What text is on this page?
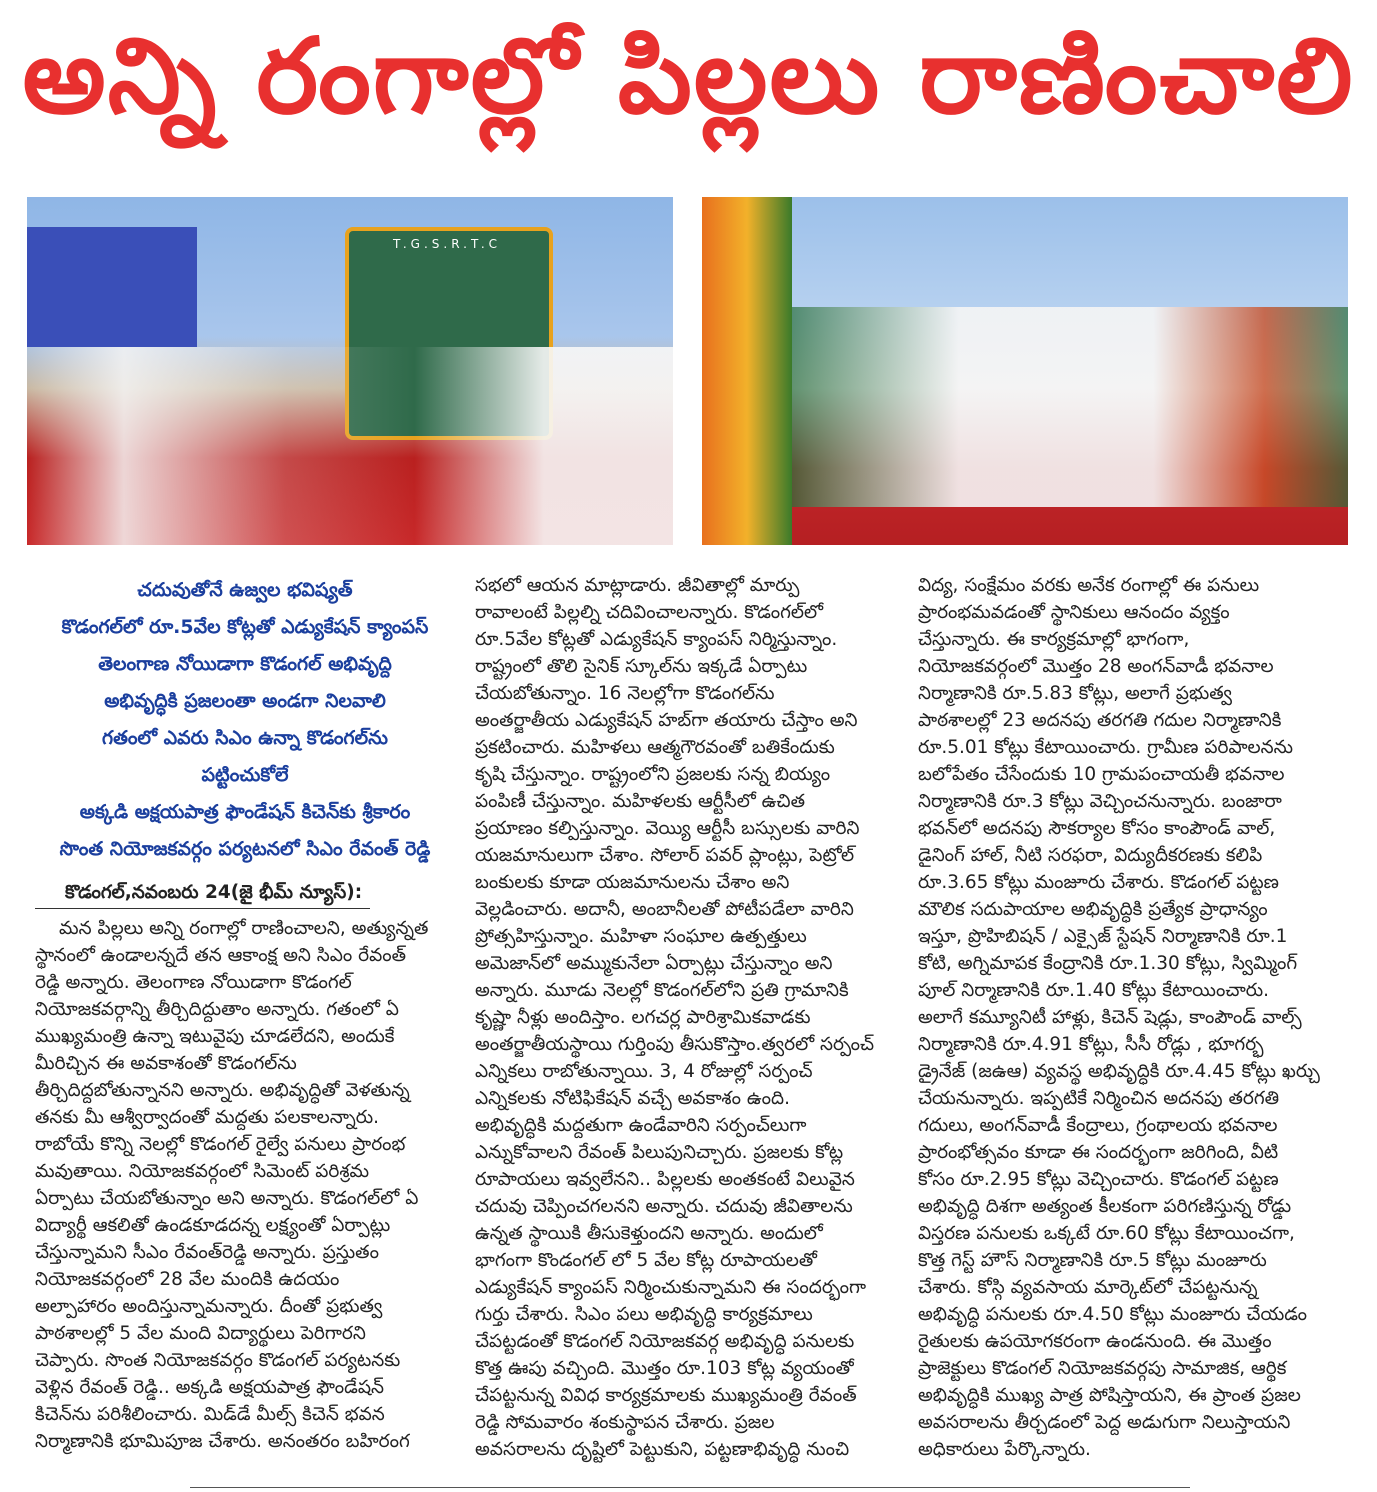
అన్ని రంగాల్లో పిల్లలు రాణించాలి
T.G.S.R.T.C
చదువుతోనే ఉజ్వల భవిష్యత్
కొడంగల్‌లో రూ.5వేల కోట్లతో ఎడ్యుకేషన్ క్యాంపస్
తెలంగాణ నోయిడాగా కొడంగల్ అభివృద్ది
అభివృద్ధికి ప్రజలంతా అండగా నిలవాలి
గతంలో ఎవరు సిఎం ఉన్నా కొడంగల్‌ను
పట్టించుకోలే
అక్కడి అక్షయపాత్ర ఫౌండేషన్ కిచెన్‌కు శ్రీకారం
సొంత నియోజకవర్గం పర్యటనలో సిఎం రేవంత్ రెడ్డి
కొడంగల్,నవంబరు 24(జై భీమ్ న్యూస్):
మన పిల్లలు అన్ని రంగాల్లో రాణించాలని, అత్యున్నత
స్థానంలో ఉండాలన్నదే తన ఆకాంక్ష అని సిఎం రేవంత్
రెడ్డి అన్నారు. తెలంగాణ నోయిడాగా కొడంగల్
నియోజకవర్గాన్ని తీర్చిదిద్దుతాం అన్నారు. గతంలో ఏ
ముఖ్యమంత్రి ఉన్నా ఇటువైపు చూడలేదని, అందుకే
మీరిచ్చిన ఈ అవకాశంతో కొడంగల్‌ను
తీర్చిదిద్దబోతున్నానని అన్నారు. అభివృద్ధితో వెళతున్న
తనకు మీ ఆశ్వీర్వాదంతో మద్దతు పలకాలన్నారు.
రాబోయే కొన్ని నెలల్లో కొడంగల్ రైల్వే పనులు ప్రారంభ
మవుతాయి. నియోజకవర్గంలో సిమెంట్ పరిశ్రమ
ఏర్పాటు చేయబోతున్నాం అని అన్నారు. కొడంగల్‌లో ఏ
విద్యార్థీ ఆకలితో ఉండకూడదన్న లక్ష్యంతో ఏర్పాట్లు
చేస్తున్నామని సీఎం రేవంత్‌రెడ్డి అన్నారు. ప్రస్తుతం
నియోజకవర్గంలో 28 వేల మందికి ఉదయం
అల్పాహారం అందిస్తున్నామన్నారు. దీంతో ప్రభుత్వ
పాఠశాలల్లో 5 వేల మంది విద్యార్థులు పెరిగారని
చెప్పారు. సొంత నియోజకవర్గం కొడంగల్ పర్యటనకు
వెళ్లిన రేవంత్ రెడ్డి.. అక్కడి అక్షయపాత్ర ఫౌండేషన్
కిచెన్‌ను పరిశీలించారు. మిడ్‌డే మీల్స్ కిచెన్ భవన
నిర్మాణానికి భూమిపూజ చేశారు. అనంతరం బహిరంగ
సభలో ఆయన మాట్లాడారు. జీవితాల్లో మార్పు
రావాలంటే పిల్లల్ని చదివించాలన్నారు. కొడంగల్‌లో
రూ.5వేల కోట్లతో ఎడ్యుకేషన్ క్యాంపస్ నిర్మిస్తున్నాం.
రాష్ట్రంలో తొలి సైనిక్ స్కూల్‌ను ఇక్కడే ఏర్పాటు
చేయబోతున్నాం. 16 నెలల్లోగా కొడంగల్‌ను
అంతర్జాతీయ ఎడ్యుకేషన్ హబ్‌గా తయారు చేస్తాం అని
ప్రకటించారు. మహిళలు ఆత్మగౌరవంతో బతికేందుకు
కృషి చేస్తున్నాం. రాష్ట్రంలోని ప్రజలకు సన్న బియ్యం
పంపిణీ చేస్తున్నాం. మహిళలకు ఆర్టీసీలో ఉచిత
ప్రయాణం కల్పిస్తున్నాం. వెయ్యి ఆర్టీసీ బస్సులకు వారిని
యజమానులుగా చేశాం. సోలార్ పవర్ ప్లాంట్లు, పెట్రోల్
బంకులకు కూడా యజమానులను చేశాం అని
వెల్లడించారు. అదానీ, అంబానీలతో పోటీపడేలా వారిని
ప్రోత్సహిస్తున్నాం. మహిళా సంఘాల ఉత్పత్తులు
అమెజాన్‌లో అమ్ముకునేలా ఏర్పాట్లు చేస్తున్నాం అని
అన్నారు. మూడు నెలల్లో కొడంగల్‌లోని ప్రతి గ్రామానికి
కృష్ణా నీళ్లు అందిస్తాం. లగచర్ల పారిశ్రామికవాడకు
అంతర్జాతీయస్థాయి గుర్తింపు తీసుకొస్తాం.త్వరలో సర్పంచ్
ఎన్నికలు రాబోతున్నాయి. 3, 4 రోజుల్లో సర్పంచ్
ఎన్నికలకు నోటిఫికేషన్ వచ్చే అవకాశం ఉంది.
అభివృద్ధికి మద్దతుగా ఉండేవారిని సర్పంచ్‌లుగా
ఎన్నుకోవాలని రేవంత్ పిలుపునిచ్చారు. ప్రజలకు కోట్ల
రూపాయలు ఇవ్వలేనని.. పిల్లలకు అంతకంటే విలువైన
చదువు చెప్పించగలనని అన్నారు. చదువు జీవితాలను
ఉన్నత స్థాయికి తీసుకెళ్తుందని అన్నారు. అందులో
భాగంగా కొండంగల్ లో 5 వేల కోట్ల రూపాయలతో
ఎడ్యుకేషన్ క్యాంపస్ నిర్మించుకున్నామని ఈ సందర్భంగా
గుర్తు చేశారు. సిఎం పలు అభివృద్ధి కార్యక్రమాలు
చేపట్టడంతో కొడంగల్ నియోజకవర్గ అభివృద్ధి పనులకు
కొత్త ఊపు వచ్చింది. మొత్తం రూ.103 కోట్ల వ్యయంతో
చేపట్టనున్న వివిధ కార్యక్రమాలకు ముఖ్యమంత్రి రేవంత్
రెడ్డి సోమవారం శంకుస్థాపన చేశారు. ప్రజల
అవసరాలను దృష్టిలో పెట్టుకుని, పట్టణాభివృద్ధి నుంచి
విద్య, సంక్షేమం వరకు అనేక రంగాల్లో ఈ పనులు
ప్రారంభమవడంతో స్థానికులు ఆనందం వ్యక్తం
చేస్తున్నారు. ఈ కార్యక్రమాల్లో భాగంగా,
నియోజకవర్గంలో మొత్తం 28 అంగన్‌వాడీ భవనాల
నిర్మాణానికి రూ.5.83 కోట్లు, అలాగే ప్రభుత్వ
పాఠశాలల్లో 23 అదనపు తరగతి గదుల నిర్మాణానికి
రూ.5.01 కోట్లు కేటాయించారు. గ్రామీణ పరిపాలనను
బలోపేతం చేసేందుకు 10 గ్రామపంచాయతీ భవనాల
నిర్మాణానికి రూ.3 కోట్లు వెచ్చించనున్నారు. బంజారా
భవన్‌లో అదనపు సౌకర్యాల కోసం కాంపౌండ్ వాల్,
డైనింగ్ హాల్, నీటి సరఫరా, విద్యుదీకరణకు కలిపి
రూ.3.65 కోట్లు మంజూరు చేశారు. కొడంగల్ పట్టణ
మౌలిక సదుపాయాల అభివృద్ధికి ప్రత్యేక ప్రాధాన్యం
ఇస్తూ, ప్రొహిబిషన్ / ఎక్సైజ్ స్టేషన్ నిర్మాణానికి రూ.1
కోటి, అగ్నిమాపక కేంద్రానికి రూ.1.30 కోట్లు, స్విమ్మింగ్
పూల్ నిర్మాణానికి రూ.1.40 కోట్లు కేటాయించారు.
అలాగే కమ్యూనిటీ హాళ్లు, కిచెన్ షెడ్లు, కాంపౌండ్ వాల్స్
నిర్మాణానికి రూ.4.91 కోట్లు, సీసీ రోడ్లు , భూగర్భ
డ్రైనేజ్ (జఉఆ) వ్యవస్థ అభివృద్ధికి రూ.4.45 కోట్లు ఖర్చు
చేయనున్నారు. ఇప్పటికే నిర్మించిన అదనపు తరగతి
గదులు, అంగన్‌వాడీ కేంద్రాలు, గ్రంథాలయ భవనాల
ప్రారంభోత్సవం కూడా ఈ సందర్భంగా జరిగింది, వీటి
కోసం రూ.2.95 కోట్లు వెచ్చించారు. కొడంగల్ పట్టణ
అభివృద్ధి దిశగా అత్యంత కీలకంగా పరిగణిస్తున్న రోడ్డు
విస్తరణ పనులకు ఒక్కటే రూ.60 కోట్లు కేటాయించగా,
కొత్త గెస్ట్ హౌస్ నిర్మాణానికి రూ.5 కోట్లు మంజూరు
చేశారు. కోస్గి వ్యవసాయ మార్కెట్‌లో చేపట్టనున్న
అభివృద్ధి పనులకు రూ.4.50 కోట్లు మంజూరు చేయడం
రైతులకు ఉపయోగకరంగా ఉండనుంది. ఈ మొత్తం
ప్రాజెక్టులు కొడంగల్ నియోజకవర్గపు సామాజిక, ఆర్థిక
అభివృద్ధికి ముఖ్య పాత్ర పోషిస్తాయని, ఈ ప్రాంత ప్రజల
అవసరాలను తీర్చడంలో పెద్ద అడుగుగా నిలుస్తాయని
అధికారులు పేర్కొన్నారు.
